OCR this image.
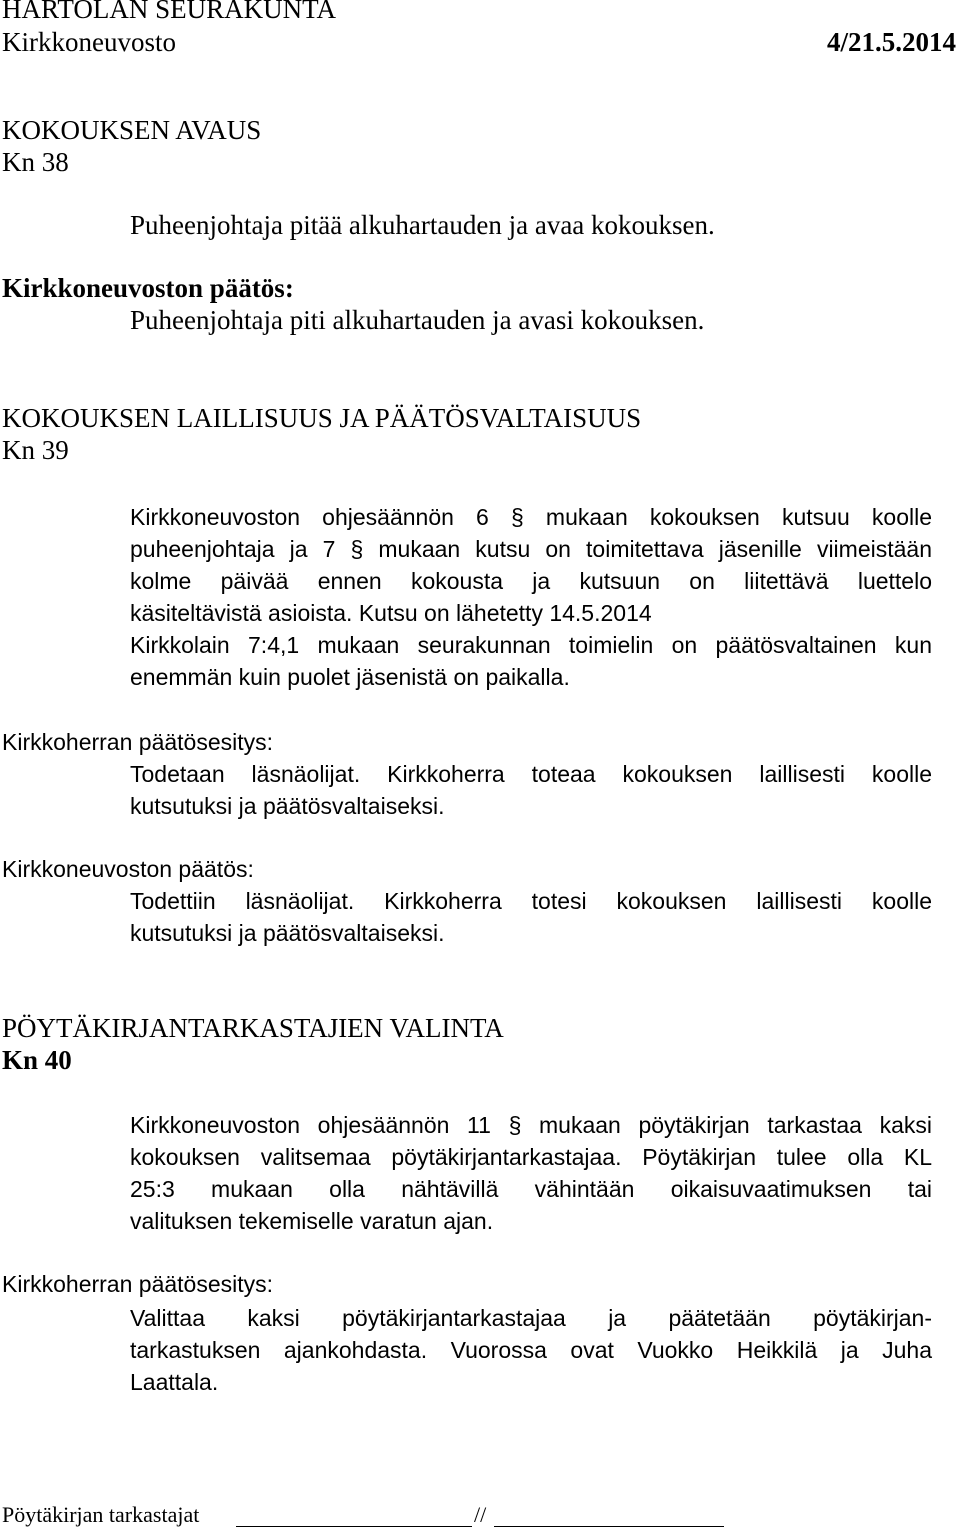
HARTOLAN SEURAKUNTA
Kirkkoneuvosto	4/21.5.2014
KOKOUKSEN AVAUS
Kn 38
Puheenjohtaja pitää alkuhartauden ja avaa kokouksen.
Kirkkoneuvoston päätös:
Puheenjohtaja piti alkuhartauden ja avasi kokouksen.
KOKOUKSEN LAILLISUUS JA PÄÄTÖSVALTAISUUS
Kn 39
Kirkkoneuvoston ohjesäännön 6 § mukaan kokouksen kutsuu koolle
puheenjohtaja ja 7 § mukaan kutsu on toimitettava jäsenille viimeistään
kolme päivää ennen kokousta ja kutsuun on liitettävä luettelo
käsiteltävistä asioista. Kutsu on lähetetty 14.5.2014
Kirkkolain 7:4,1 mukaan seurakunnan toimielin on päätösvaltainen kun
enemmän kuin puolet jäsenistä on paikalla.
Kirkkoherran päätösesitys:
Todetaan läsnäolijat. Kirkkoherra toteaa kokouksen laillisesti koolle
kutsutuksi ja päätösvaltaiseksi.
Kirkkoneuvoston päätös:
Todettiin läsnäolijat. Kirkkoherra totesi kokouksen laillisesti koolle
kutsutuksi ja päätösvaltaiseksi.
PÖYTÄKIRJANTARKASTAJIEN VALINTA
Kn 40
Kirkkoneuvoston ohjesäännön 11 § mukaan pöytäkirjan tarkastaa kaksi
kokouksen valitsemaa pöytäkirjantarkastajaa. Pöytäkirjan tulee olla KL
25:3 mukaan olla nähtävillä vähintään oikaisuvaatimuksen tai
valituksen tekemiselle varatun ajan.
Kirkkoherran päätösesitys:
Valittaa kaksi pöytäkirjantarkastajaa ja päätetään pöytäkirjan-
tarkastuksen ajankohdasta. Vuorossa ovat Vuokko Heikkilä ja Juha
Laattala.
Pöytäkirjan tarkastajat	//
